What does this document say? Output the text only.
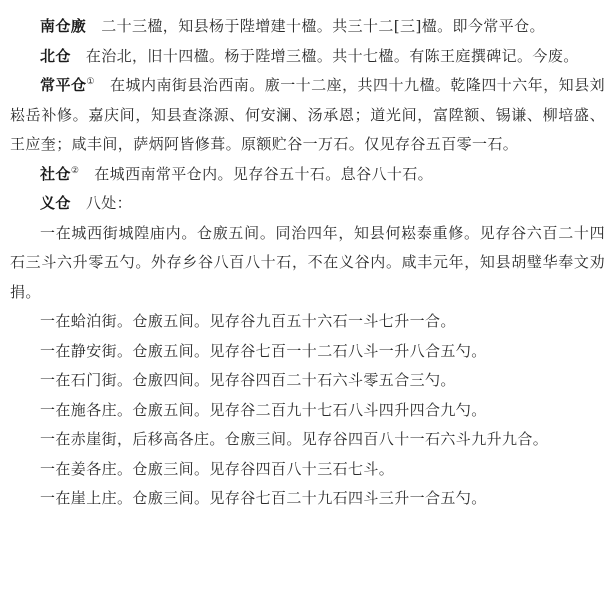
南仓廒 二十三楹，知县杨于陛增建十楹。共三十二[三]楹。即今常平仓。

北仓 在治北，旧十四楹。杨于陛增三楹。共十七楹。有陈王庭撰碑记。今废。

常平仓① 在城内南街县治西南。廒一十二座，共四十九楹。乾隆四十六年，知县刘崧岳补修。嘉庆间，知县查涤源、何安澜、汤承恩；道光间，富陞额、锡谦、柳培盛、王应奎；咸丰间，萨炳阿皆修葺。原额贮谷一万石。仅见存谷五百零一石。

社仓② 在城西南常平仓内。见存谷五十石。息谷八十石。

义仓 八处：

一在城西街城隍庙内。仓廒五间。同治四年，知县何崧泰重修。见存谷六百二十四石三斗六升零五勺。外存乡谷八百八十石，不在义谷内。咸丰元年，知县胡璧华奉文劝捐。

一在蛤泊街。仓廒五间。见存谷九百五十六石一斗七升一合。

一在静安街。仓廒五间。见存谷七百一十二石八斗一升八合五勺。

一在石门街。仓廒四间。见存谷四百二十石六斗零五合三勺。

一在施各庄。仓廒五间。见存谷二百九十七石八斗四升四合九勺。

一在赤崖街，后移高各庄。仓廒三间。见存谷四百八十一石六斗九升九合。

一在姜各庄。仓廒三间。见存谷四百八十三石七斗。

一在崖上庄。仓廒三间。见存谷七百二十九石四斗三升一合五勺。
